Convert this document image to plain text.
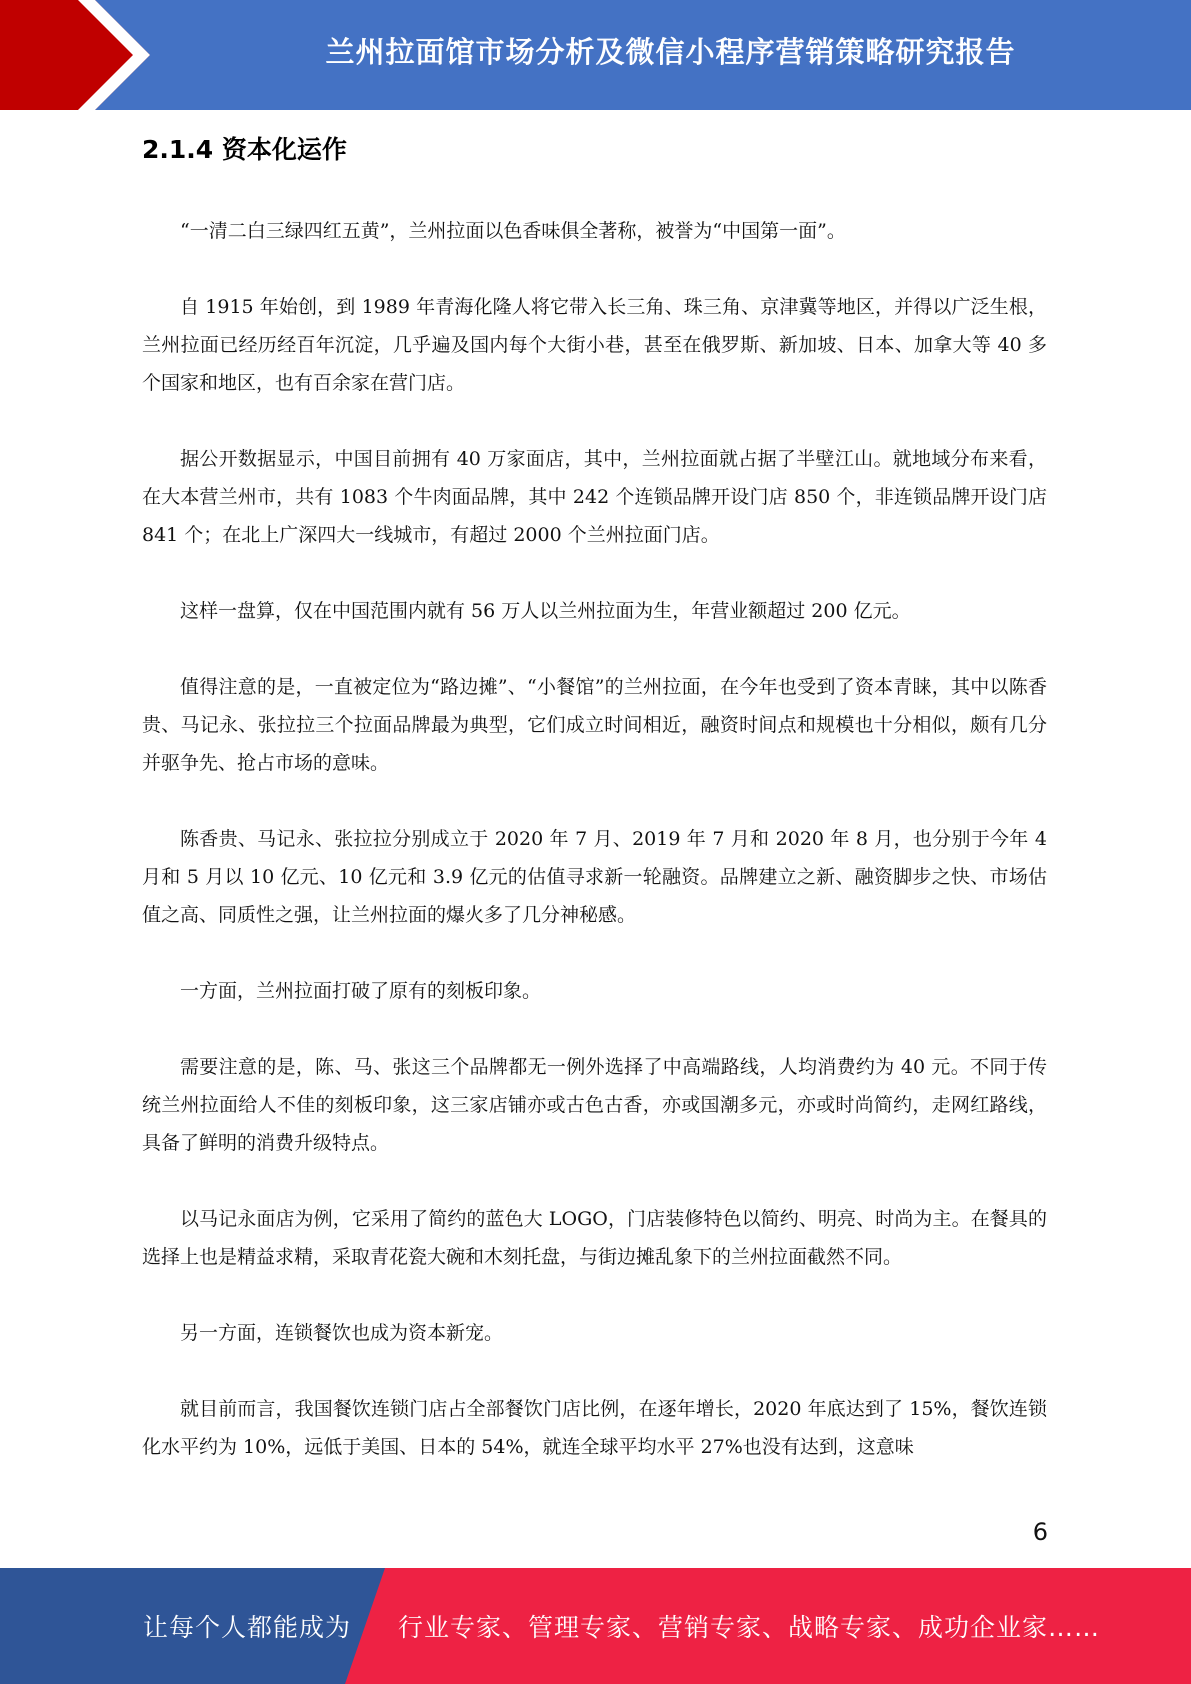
兰州拉面馆市场分析及微信小程序营销策略研究报告
2.1.4 资本化运作

“一清二白三绿四红五黄”，兰州拉面以色香味俱全著称，被誉为“中国第一面”。

自 1915 年始创，到 1989 年青海化隆人将它带入长三角、珠三角、京津冀等地区，并得以广泛生根，兰州拉面已经历经百年沉淀，几乎遍及国内每个大街小巷，甚至在俄罗斯、新加坡、日本、加拿大等 40 多个国家和地区，也有百余家在营门店。

据公开数据显示，中国目前拥有 40 万家面店，其中，兰州拉面就占据了半壁江山。就地域分布来看，在大本营兰州市，共有 1083 个牛肉面品牌，其中 242 个连锁品牌开设门店 850 个，非连锁品牌开设门店 841 个；在北上广深四大一线城市，有超过 2000 个兰州拉面门店。

这样一盘算，仅在中国范围内就有 56 万人以兰州拉面为生，年营业额超过 200 亿元。

值得注意的是，一直被定位为“路边摊”、“小餐馆”的兰州拉面，在今年也受到了资本青睐，其中以陈香贵、马记永、张拉拉三个拉面品牌最为典型，它们成立时间相近，融资时间点和规模也十分相似，颇有几分并驱争先、抢占市场的意味。

陈香贵、马记永、张拉拉分别成立于 2020 年 7 月、2019 年 7 月和 2020 年 8 月，也分别于今年 4 月和 5 月以 10 亿元、10 亿元和 3.9 亿元的估值寻求新一轮融资。品牌建立之新、融资脚步之快、市场估值之高、同质性之强，让兰州拉面的爆火多了几分神秘感。

一方面，兰州拉面打破了原有的刻板印象。

需要注意的是，陈、马、张这三个品牌都无一例外选择了中高端路线，人均消费约为 40 元。不同于传统兰州拉面给人不佳的刻板印象，这三家店铺亦或古色古香，亦或国潮多元，亦或时尚简约，走网红路线，具备了鲜明的消费升级特点。

以马记永面店为例，它采用了简约的蓝色大 LOGO，门店装修特色以简约、明亮、时尚为主。在餐具的选择上也是精益求精，采取青花瓷大碗和木刻托盘，与街边摊乱象下的兰州拉面截然不同。

另一方面，连锁餐饮也成为资本新宠。

就目前而言，我国餐饮连锁门店占全部餐饮门店比例，在逐年增长，2020 年底达到了 15%，餐饮连锁化水平约为 10%，远低于美国、日本的 54%，就连全球平均水平 27%也没有达到，这意味

6
让每个人都能成为 行业专家、管理专家、营销专家、战略专家、成功企业家……
